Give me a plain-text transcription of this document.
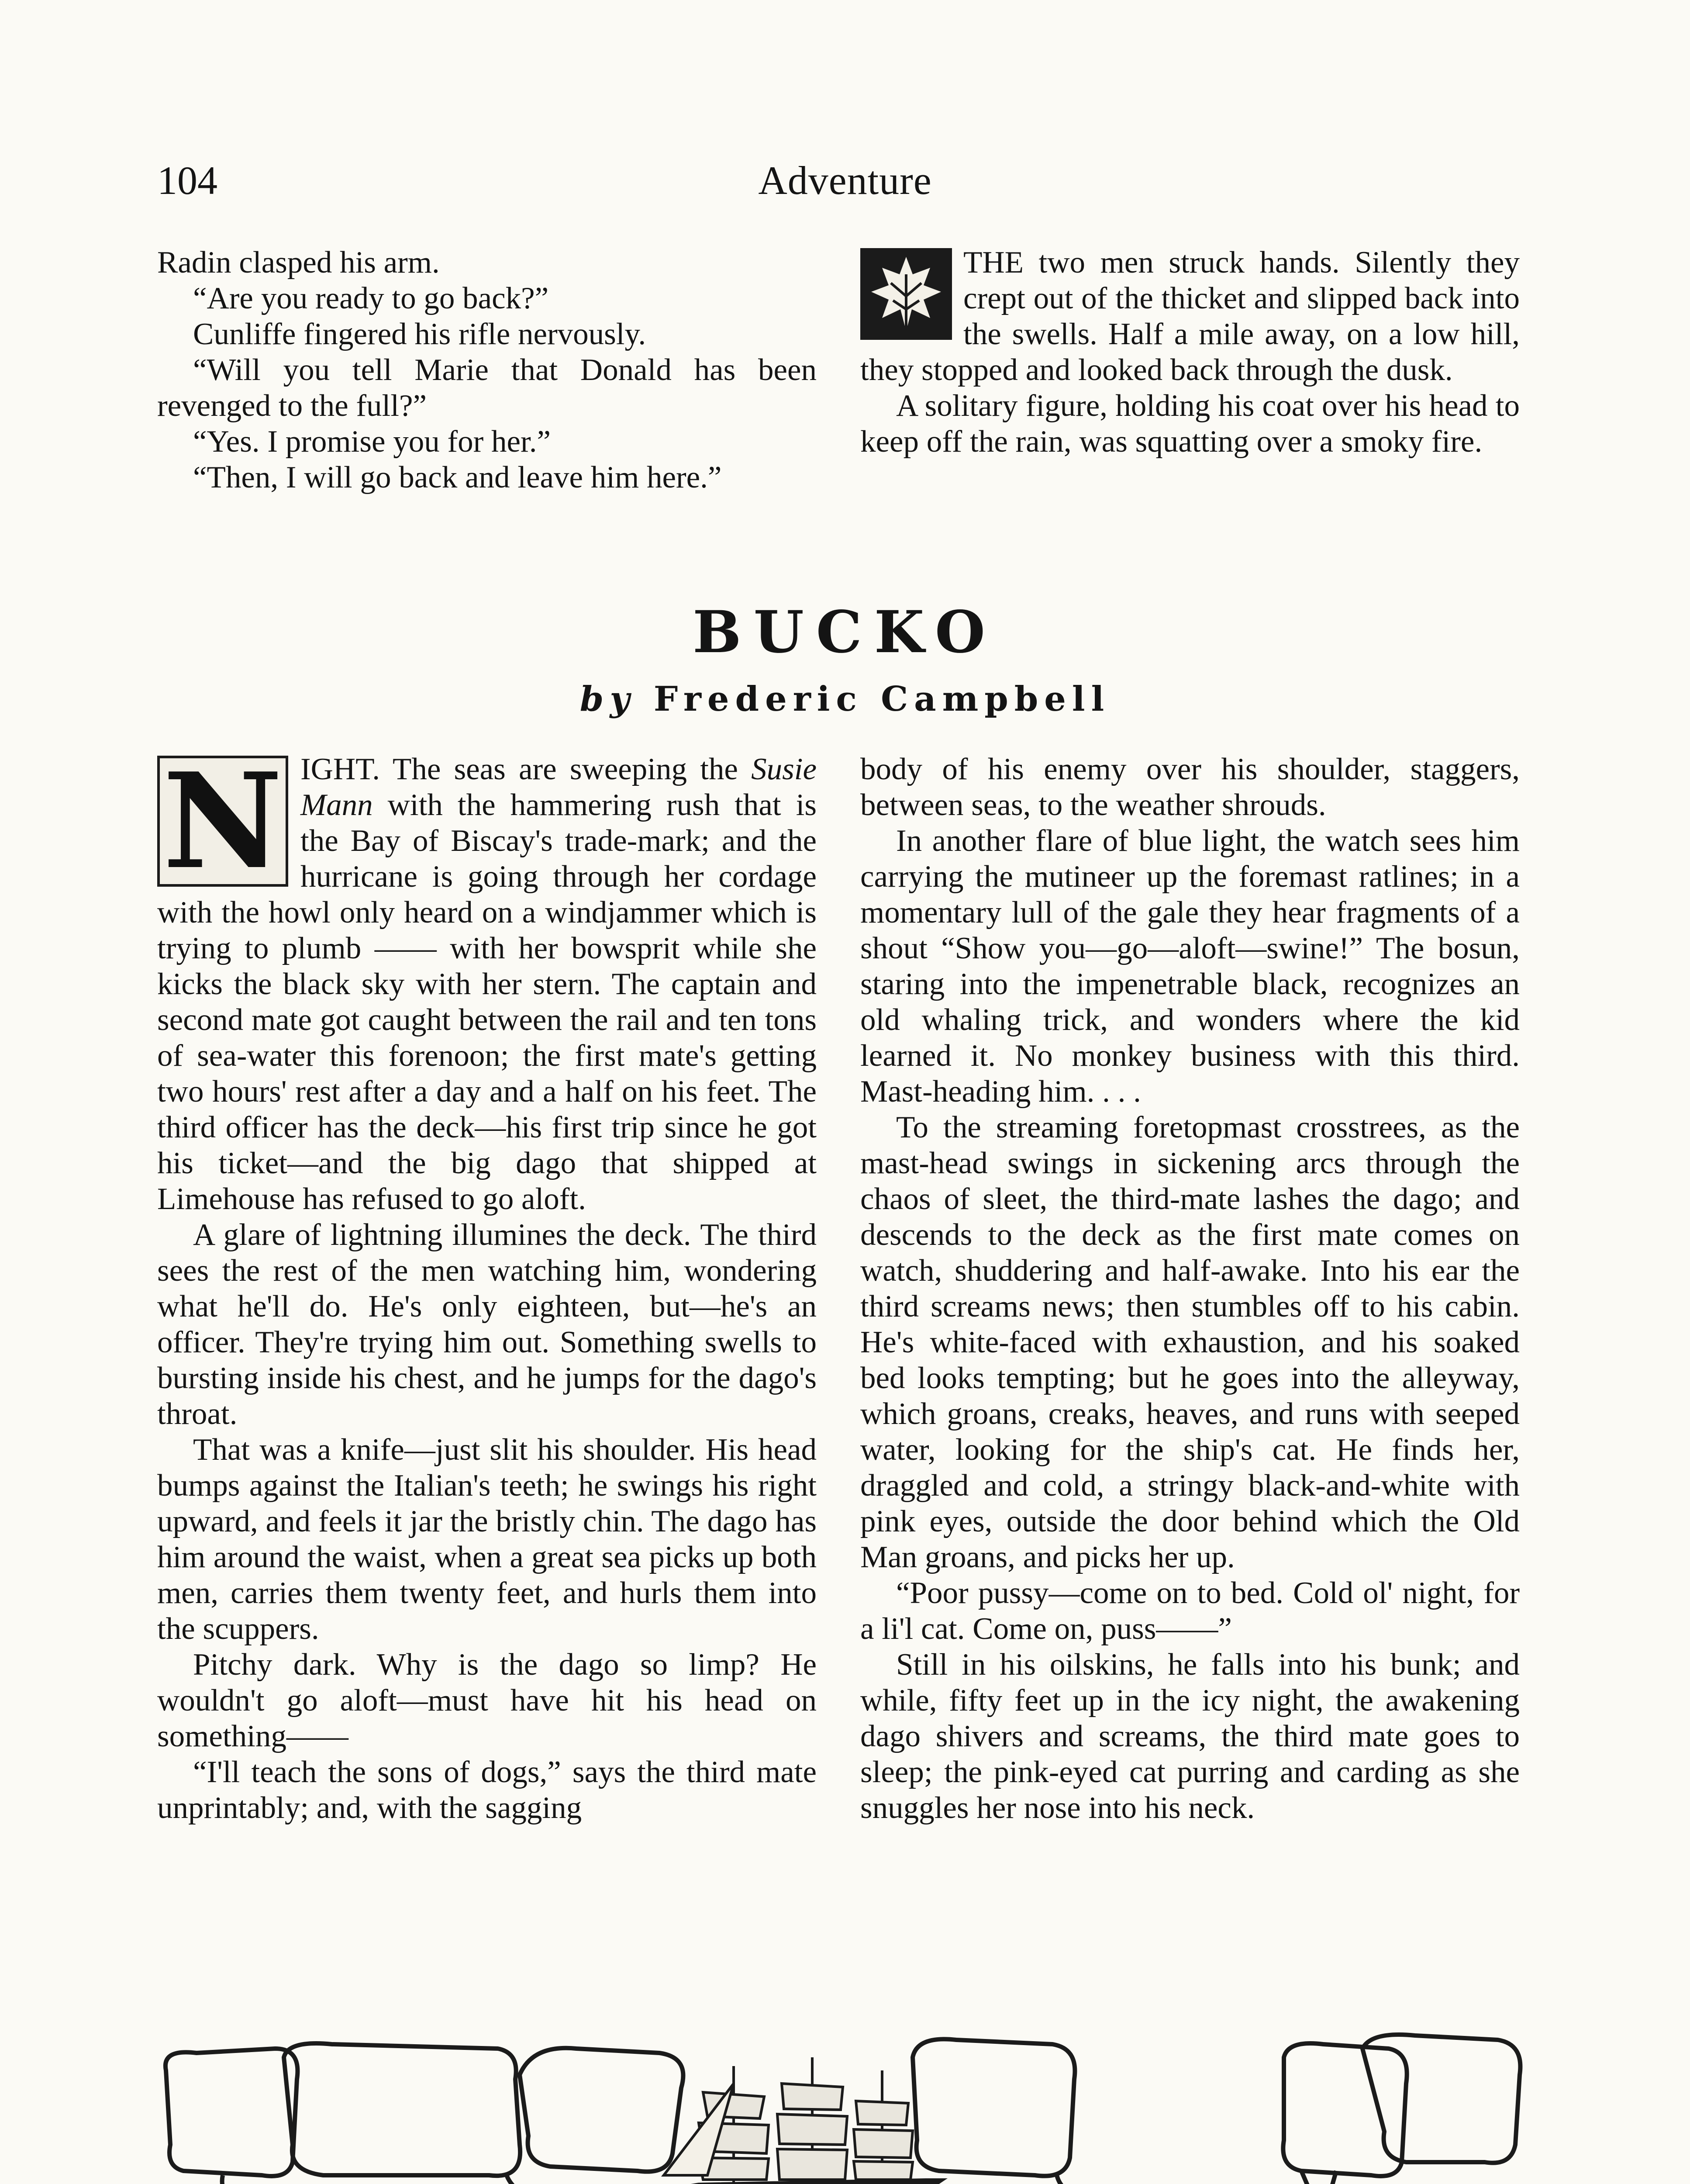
104	Adventure

Radin clasped his arm.

“Are you ready to go back?”

Cunliffe fingered his rifle nervously.

“Will you tell Marie that Donald has been revenged to the full?”

“Yes. I promise you for her.”

“Then, I will go back and leave him here.”

THE two men struck hands. Silently they crept out of the thicket and slipped back into the swells. Half a mile away, on a low hill, they stopped and looked back through the dusk.

A solitary figure, holding his coat over his head to keep off the rain, was squatting over a smoky fire.

BUCKO
by Frederic Campbell
N IGHT. The seas are sweeping the Susie Mann with the hammering rush that is the Bay of Biscay's trade-mark; and the hurricane is going through her cordage with the howl only heard on a windjammer which is trying to plumb —— with her bowsprit while she kicks the black sky with her stern. The captain and second mate got caught between the rail and ten tons of sea-water this forenoon; the first mate's getting two hours' rest after a day and a half on his feet. The third officer has the deck—his first trip since he got his ticket—and the big dago that shipped at Limehouse has refused to go aloft.

A glare of lightning illumines the deck. The third sees the rest of the men watching him, wondering what he'll do. He's only eighteen, but—he's an officer. They're trying him out. Something swells to bursting inside his chest, and he jumps for the dago's throat.

That was a knife—just slit his shoulder. His head bumps against the Italian's teeth; he swings his right upward, and feels it jar the bristly chin. The dago has him around the waist, when a great sea picks up both men, carries them twenty feet, and hurls them into the scuppers.

Pitchy dark. Why is the dago so limp? He wouldn't go aloft—must have hit his head on something——

“I'll teach the sons of dogs,” says the third mate unprintably; and, with the sagging

body of his enemy over his shoulder, staggers, between seas, to the weather shrouds.

In another flare of blue light, the watch sees him carrying the mutineer up the foremast ratlines; in a momentary lull of the gale they hear fragments of a shout “Show you—go—aloft—swine!” The bosun, staring into the impenetrable black, recognizes an old whaling trick, and wonders where the kid learned it. No monkey business with this third. Mast-heading him. . . .

To the streaming foretopmast crosstrees, as the mast-head swings in sickening arcs through the chaos of sleet, the third-mate lashes the dago; and descends to the deck as the first mate comes on watch, shuddering and half-awake. Into his ear the third screams news; then stumbles off to his cabin. He's white-faced with exhaustion, and his soaked bed looks tempting; but he goes into the alleyway, which groans, creaks, heaves, and runs with seeped water, looking for the ship's cat. He finds her, draggled and cold, a stringy black-and-white with pink eyes, outside the door behind which the Old Man groans, and picks her up.

“Poor pussy—come on to bed. Cold ol' night, for a li'l cat. Come on, puss——”

Still in his oilskins, he falls into his bunk; and while, fifty feet up in the icy night, the awakening dago shivers and screams, the third mate goes to sleep; the pink-eyed cat purring and carding as she snuggles her nose into his neck.
